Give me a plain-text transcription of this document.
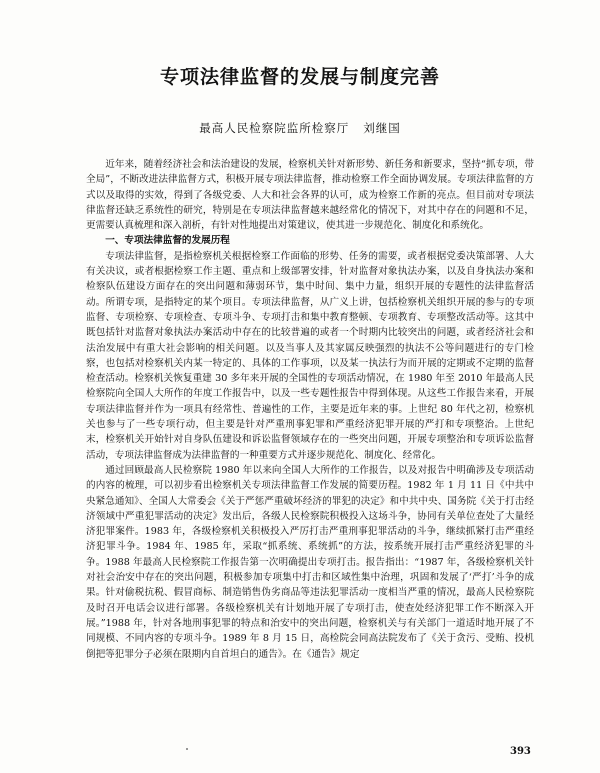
专项法律监督的发展与制度完善
最高人民检察院监所检察厅 刘继国

近年来，随着经济社会和法治建设的发展，检察机关针对新形势、新任务和新要求，坚持“抓专项，带全局”，不断改进法律监督方式，积极开展专项法律监督，推动检察工作全面协调发展。专项法律监督的方式以及取得的实效，得到了各级党委、人大和社会各界的认可，成为检察工作新的亮点。但目前对专项法律监督还缺乏系统性的研究，特别是在专项法律监督越来越经常化的情况下，对其中存在的问题和不足，更需要认真梳理和深入剖析，有针对性地提出对策建议，使其进一步规范化、制度化和系统化。

一、专项法律监督的发展历程

专项法律监督，是指检察机关根据检察工作面临的形势、任务的需要，或者根据党委决策部署、人大有关决议，或者根据检察工作主题、重点和上级部署安排，针对监督对象执法办案，以及自身执法办案和检察队伍建设方面存在的突出问题和薄弱环节，集中时间、集中力量，组织开展的专题性的法律监督活动。所谓专项，是指特定的某个项目。专项法律监督，从广义上讲，包括检察机关组织开展的参与的专项监督、专项检察、专项检查、专项斗争、专项打击和集中教育整顿、专项教育、专项整改活动等。这其中既包括针对监督对象执法办案活动中存在的比较普遍的或者一个时期内比较突出的问题，或者经济社会和法治发展中有重大社会影响的相关问题。以及当事人及其家属反映强烈的执法不公等问题进行的专门检察，也包括对检察机关内某一特定的、具体的工作事项，以及某一执法行为而开展的定期或不定期的监督检查活动。检察机关恢复重建 30 多年来开展的全国性的专项活动情况，在 1980 年至 2010 年最高人民检察院向全国人大所作的年度工作报告中，以及一些专题性报告中得到体现。从这些工作报告来看，开展专项法律监督并作为一项具有经常性、普遍性的工作，主要是近年来的事。上世纪 80 年代之初，检察机关也参与了一些专项行动，但主要是针对严重刑事犯罪和严重经济犯罪开展的严打和专项整治。上世纪末，检察机关开始针对自身队伍建设和诉讼监督领域存在的一些突出问题，开展专项整治和专项诉讼监督活动，专项法律监督成为法律监督的一种重要方式并逐步规范化、制度化、经常化。

通过回顾最高人民检察院 1980 年以来向全国人大所作的工作报告，以及对报告中明确涉及专项活动的内容的梳理，可以初步看出检察机关专项法律监督工作发展的简要历程。1982 年 1 月 11 日《中共中央紧急通知》、全国人大常委会《关于严惩严重破坏经济的罪犯的决定》和中共中央、国务院《关于打击经济领域中严重犯罪活动的决定》发出后，各级人民检察院积极投入这场斗争，协同有关单位查处了大量经济犯罪案件。1983 年，各级检察机关积极投入严厉打击严重刑事犯罪活动的斗争，继续抓紧打击严重经济犯罪斗争。1984 年、1985 年，采取“抓系统、系统抓”的方法，按系统开展打击严重经济犯罪的斗争。1988 年最高人民检察院工作报告第一次明确提出专项打击。报告指出：“1987 年，各级检察机关针对社会治安中存在的突出问题，积极参加专项集中打击和区域性集中治理，巩固和发展了‘严打’斗争的成果。针对偷税抗税、假冒商标、制造销售伪劣商品等违法犯罪活动一度相当严重的情况，最高人民检察院及时召开电话会议进行部署。各级检察机关有计划地开展了专项打击，使查处经济犯罪工作不断深入开展。”1988 年，针对各地刑事犯罪的特点和治安中的突出问题，检察机关与有关部门一道适时地开展了不同规模、不同内容的专项斗争。1989 年 8 月 15 日，高检院会同高法院发布了《关于贪污、受贿、投机倒把等犯罪分子必须在限期内自首坦白的通告》。在《通告》规定

393
